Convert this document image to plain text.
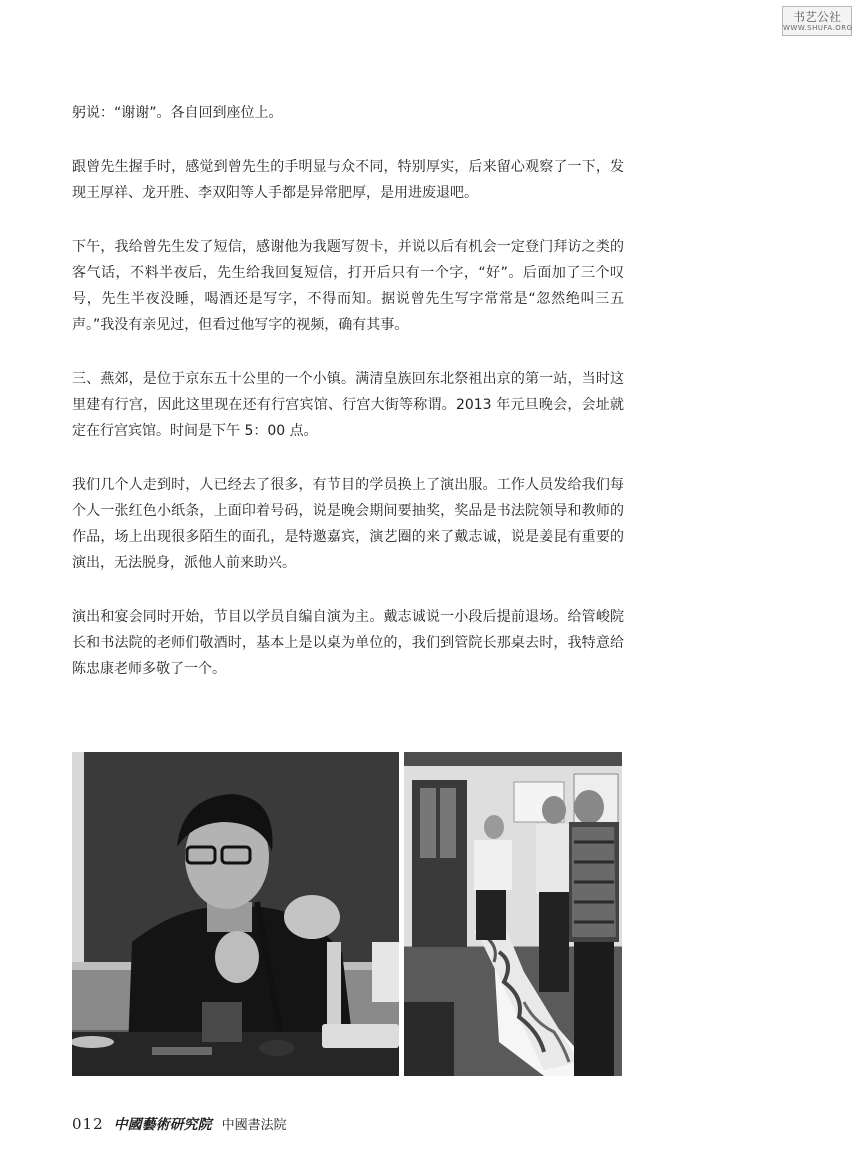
书艺公社
WWW.SHUFA.ORG

躬说：“谢谢”。各自回到座位上。

跟曾先生握手时，感觉到曾先生的手明显与众不同，特别厚实，后来留心观察了一下，发现王厚祥、龙开胜、李双阳等人手都是异常肥厚，是用进废退吧。

下午，我给曾先生发了短信，感谢他为我题写贺卡，并说以后有机会一定登门拜访之类的客气话，不料半夜后，先生给我回复短信，打开后只有一个字，“好”。后面加了三个叹号，先生半夜没睡，喝酒还是写字，不得而知。据说曾先生写字常常是“忽然绝叫三五声。”我没有亲见过，但看过他写字的视频，确有其事。

三、燕郊，是位于京东五十公里的一个小镇。满清皇族回东北祭祖出京的第一站，当时这里建有行宫，因此这里现在还有行宫宾馆、行宫大街等称谓。2013 年元旦晚会，会址就定在行宫宾馆。时间是下午 5：00 点。

我们几个人走到时，人已经去了很多，有节目的学员换上了演出服。工作人员发给我们每个人一张红色小纸条，上面印着号码，说是晚会期间要抽奖，奖品是书法院领导和教师的作品，场上出现很多陌生的面孔，是特邀嘉宾，演艺圈的来了戴志诚，说是姜昆有重要的演出，无法脱身，派他人前来助兴。

演出和宴会同时开始，节目以学员自编自演为主。戴志诚说一小段后提前退场。给管峻院长和书法院的老师们敬酒时，基本上是以桌为单位的，我们到管院长那桌去时，我特意给陈忠康老师多敬了一个。

012 中國藝術研究院 中國書法院
